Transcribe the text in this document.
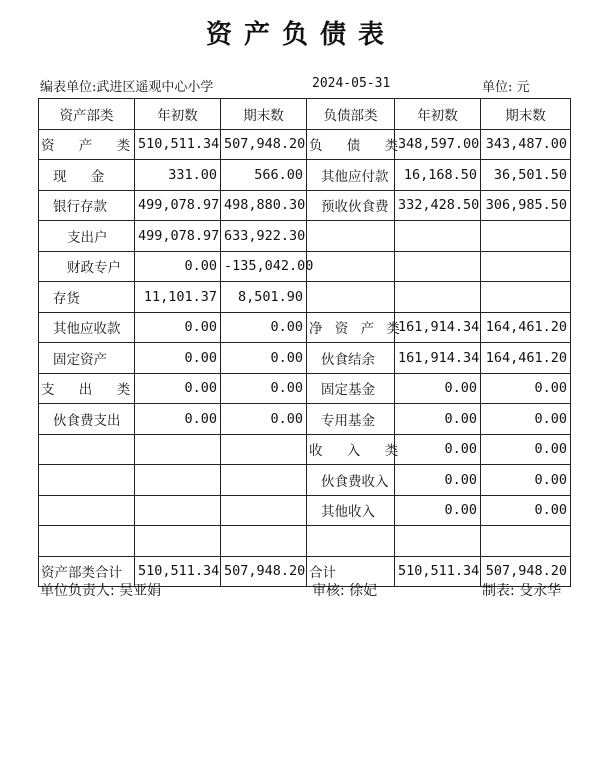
资产负债表
编表单位:武进区遥观中心小学	2024-05-31	单位: 元
资产部类	年初数	期末数	负债部类	年初数	期末数
资 产 类	510,511.34	507,948.20	负 债 类	348,597.00	343,487.00
现 金	331.00	566.00	其他应付款	16,168.50	36,501.50
银行存款	499,078.97	498,880.30	预收伙食费	332,428.50	306,985.50
支出户	499,078.97	633,922.30			
财政专户	0.00	-135,042.00			
存货	11,101.37	8,501.90			
其他应收款	0.00	0.00	净 资 产 类	161,914.34	164,461.20
固定资产	0.00	0.00	伙食结余	161,914.34	164,461.20
支 出 类	0.00	0.00	固定基金	0.00	0.00
伙食费支出	0.00	0.00	专用基金	0.00	0.00
			收 入 类	0.00	0.00
			伙食费收入	0.00	0.00
			其他收入	0.00	0.00

资产部类合计	510,511.34	507,948.20	合计	510,511.34	507,948.20
单位负责人: 吴亚娟	审核: 徐妃	制表: 殳永华
